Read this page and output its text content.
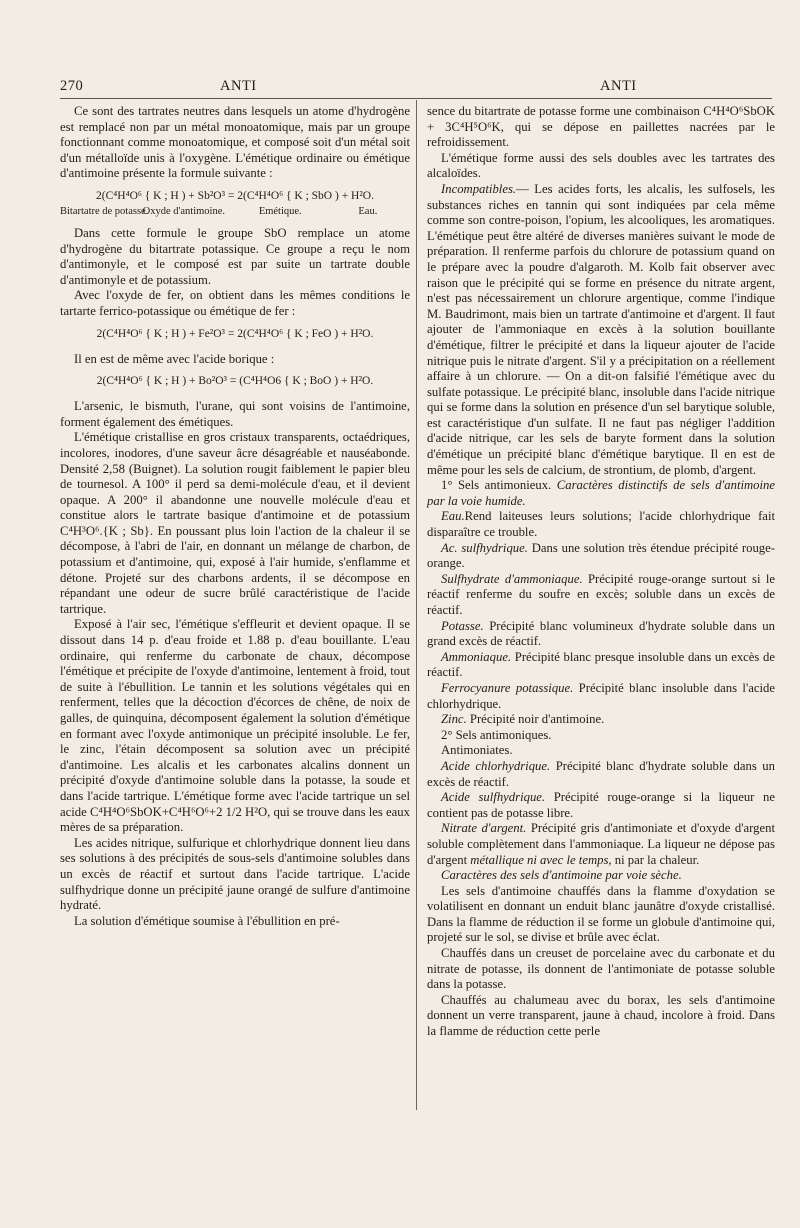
270	ANTI	ANTI

Ce sont des tartrates neutres dans lesquels un atome d'hydrogène est remplacé non par un métal monoatomique, mais par un groupe fonctionnant comme monoatomique, et composé soit d'un métal soit d'un métalloïde unis à l'oxygène. L'émétique ordinaire ou émétique d'antimoine présente la formule suivante :

2(C⁴H⁴O⁶ { K ; H ) + Sb²O³ = 2(C⁴H⁴O⁶ { K ; SbO ) + H²O.
Bitartatre de potasse. Oxyde d'antimoine.	Emétique.	Eau.

Dans cette formule le groupe SbO remplace un atome d'hydrogène du bitartrate potassique. Ce groupe a reçu le nom d'antimonyle, et le composé est par suite un tartrate double d'antimonyle et de potassium.

Avec l'oxyde de fer, on obtient dans les mêmes conditions le tartarte ferrico-potassique ou émétique de fer :

2(C⁴H⁴O⁶ { K ; H ) + Fe²O³ = 2(C⁴H⁴O⁶ { K ; FeO ) + H²O.

Il en est de même avec l'acide borique :

2(C⁴H⁴O⁶ { K ; H ) + Bo²O³ = (C⁴H⁴O6 { K ; BoO ) + H²O.

L'arsenic, le bismuth, l'urane, qui sont voisins de l'antimoine, forment également des émétiques.

L'émétique cristallise en gros cristaux transparents, octaédriques, incolores, inodores, d'une saveur âcre désagréable et nauséabonde. Densité 2,58 (Buignet). La solution rougit faiblement le papier bleu de tournesol. A 100° il perd sa demi-molécule d'eau, et il devient opaque. A 200° il abandonne une nouvelle molécule d'eau et constitue alors le tartrate basique d'antimoine et de potassium C⁴H³O⁶.{K ; Sb}. En poussant plus loin l'action de la chaleur il se décompose, à l'abri de l'air, en donnant un mélange de charbon, de potassium et d'antimoine, qui, exposé à l'air humide, s'enflamme et détone. Projeté sur des charbons ardents, il se décompose en répandant une odeur de sucre brûlé caractéristique de l'acide tartrique.

Exposé à l'air sec, l'émétique s'effleurit et devient opaque. Il se dissout dans 14 p. d'eau froide et 1.88 p. d'eau bouillante. L'eau ordinaire, qui renferme du carbonate de chaux, décompose l'émétique et précipite de l'oxyde d'antimoine, lentement à froid, tout de suite à l'ébullition. Le tannin et les solutions végétales qui en renferment, telles que la décoction d'écorces de chêne, de noix de galles, de quinquina, décomposent également la solution d'émétique en formant avec l'oxyde antimonique un précipité insoluble. Le fer, le zinc, l'étain décomposent sa solution avec un précipité d'antimoine. Les alcalis et les carbonates alcalins donnent un précipité d'oxyde d'antimoine soluble dans la potasse, la soude et dans l'acide tartrique. L'émétique forme avec l'acide tartrique un sel acide C⁴H⁴O⁶SbOK+C⁴H⁶O⁶+2 1/2 H²O, qui se trouve dans les eaux mères de sa préparation.

Les acides nitrique, sulfurique et chlorhydrique donnent lieu dans ses solutions à des précipités de sous-sels d'antimoine solubles dans un excès de réactif et surtout dans l'acide tartrique. L'acide sulfhydrique donne un précipité jaune orangé de sulfure d'antimoine hydraté.

La solution d'émétique soumise à l'ébullition en pré-

sence du bitartrate de potasse forme une combinaison C⁴H⁴O⁶SbOK + 3C⁴H⁵O⁶K, qui se dépose en paillettes nacrées par le refroidissement.

L'émétique forme aussi des sels doubles avec les tartrates des alcaloïdes.

Incompatibles.— Les acides forts, les alcalis, les sulfosels, les substances riches en tannin qui sont indiquées par cela même comme son contre-poison, l'opium, les alcooliques, les aromatiques. L'émétique peut être altéré de diverses manières suivant le mode de préparation. Il renferme parfois du chlorure de potassium quand on le prépare avec la poudre d'algaroth. M. Kolb fait observer avec raison que le précipité qui se forme en présence du nitrate argent, n'est pas nécessairement un chlorure argentique, comme l'indique M. Baudrimont, mais bien un tartrate d'antimoine et d'argent. Il faut ajouter de l'ammoniaque en excès à la solution bouillante d'émétique, filtrer le précipité et dans la liqueur ajouter de l'acide nitrique puis le nitrate d'argent. S'il y a précipitation on a réellement affaire à un chlorure. — On a dit-on falsifié l'émétique avec du sulfate potassique. Le précipité blanc, insoluble dans l'acide nitrique qui se forme dans la solution en présence d'un sel barytique soluble, est caractéristique d'un sulfate. Il ne faut pas négliger l'addition d'acide nitrique, car les sels de baryte forment dans la solution d'émétique un précipité blanc d'émétique barytique. Il en est de même pour les sels de calcium, de strontium, de plomb, d'argent.

1° Sels antimonieux. Caractères distinctifs de sels d'antimoine par la voie humide.

Eau.Rend laiteuses leurs solutions; l'acide chlorhydrique fait disparaître ce trouble.

Ac. sulfhydrique. Dans une solution très étendue précipité rouge-orange.

Sulfhydrate d'ammoniaque. Précipité rouge-orange surtout si le réactif renferme du soufre en excès; soluble dans un excès de réactif.

Potasse. Précipité blanc volumineux d'hydrate soluble dans un grand excès de réactif.

Ammoniaque. Précipité blanc presque insoluble dans un excès de réactif.

Ferrocyanure potassique. Précipité blanc insoluble dans l'acide chlorhydrique.

Zinc. Précipité noir d'antimoine.

2° Sels antimoniques.

Antimoniates.

Acide chlorhydrique. Précipité blanc d'hydrate soluble dans un excès de réactif.

Acide sulfhydrique. Précipité rouge-orange si la liqueur ne contient pas de potasse libre.

Nitrate d'argent. Précipité gris d'antimoniate et d'oxyde d'argent soluble complètement dans l'ammoniaque. La liqueur ne dépose pas d'argent métallique ni avec le temps, ni par la chaleur.

Caractères des sels d'antimoine par voie sèche.

Les sels d'antimoine chauffés dans la flamme d'oxydation se volatilisent en donnant un enduit blanc jaunâtre d'oxyde cristallisé. Dans la flamme de réduction il se forme un globule d'antimoine qui, projeté sur le sol, se divise et brûle avec éclat.

Chauffés dans un creuset de porcelaine avec du carbonate et du nitrate de potasse, ils donnent de l'antimoniate de potasse soluble dans la potasse.

Chauffés au chalumeau avec du borax, les sels d'antimoine donnent un verre transparent, jaune à chaud, incolore à froid. Dans la flamme de réduction cette perle
